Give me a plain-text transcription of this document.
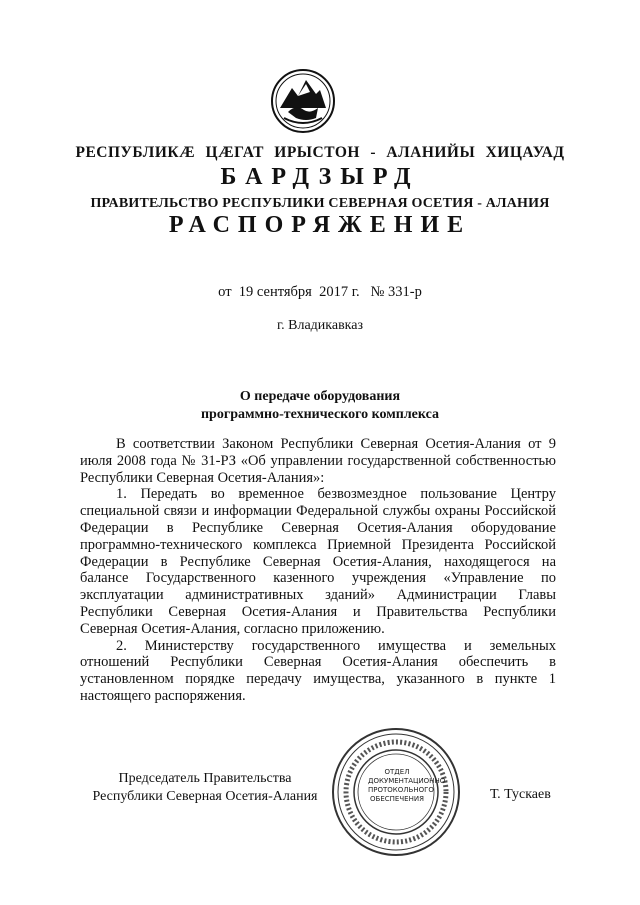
РЕСПУБЛИКӔ ЦӔГАТ ИРЫСТОН - АЛАНИЙЫ ХИЦАУАД
БАРДЗЫРД
ПРАВИТЕЛЬСТВО РЕСПУБЛИКИ СЕВЕРНАЯ ОСЕТИЯ - АЛАНИЯ
РАСПОРЯЖЕНИЕ
от  19 сентября  2017 г.   № 331-р
г. Владикавказ
О передаче оборудования
программно-технического комплекса

В соответствии Законом Республики Северная Осетия-Алания от 9 июля 2008 года № 31-РЗ «Об управлении государственной собственностью Республики Северная Осетия-Алания»:

1. Передать во временное безвозмездное пользование Центру специальной связи и информации Федеральной службы охраны Российской Федерации в Республике Северная Осетия-Алания оборудование программно-технического комплекса Приемной Президента Российской Федерации в Республике Северная Осетия-Алания, находящегося на балансе Государственного казенного учреждения «Управление по эксплуатации административных зданий» Администрации Главы Республики Северная Осетия-Алания и Правительства Республики Северная Осетия-Алания, согласно приложению.

2. Министерству государственного имущества и земельных отношений Республики Северная Осетия-Алания обеспечить в установленном порядке передачу имущества, указанного в пункте 1 настоящего распоряжения.

Председатель Правительства
Республики Северная Осетия-Алания
ОТДЕЛ
ДОКУМЕНТАЦИОННО-
ПРОТОКОЛЬНОГО
ОБЕСПЕЧЕНИЯ	Т. Тускаев
